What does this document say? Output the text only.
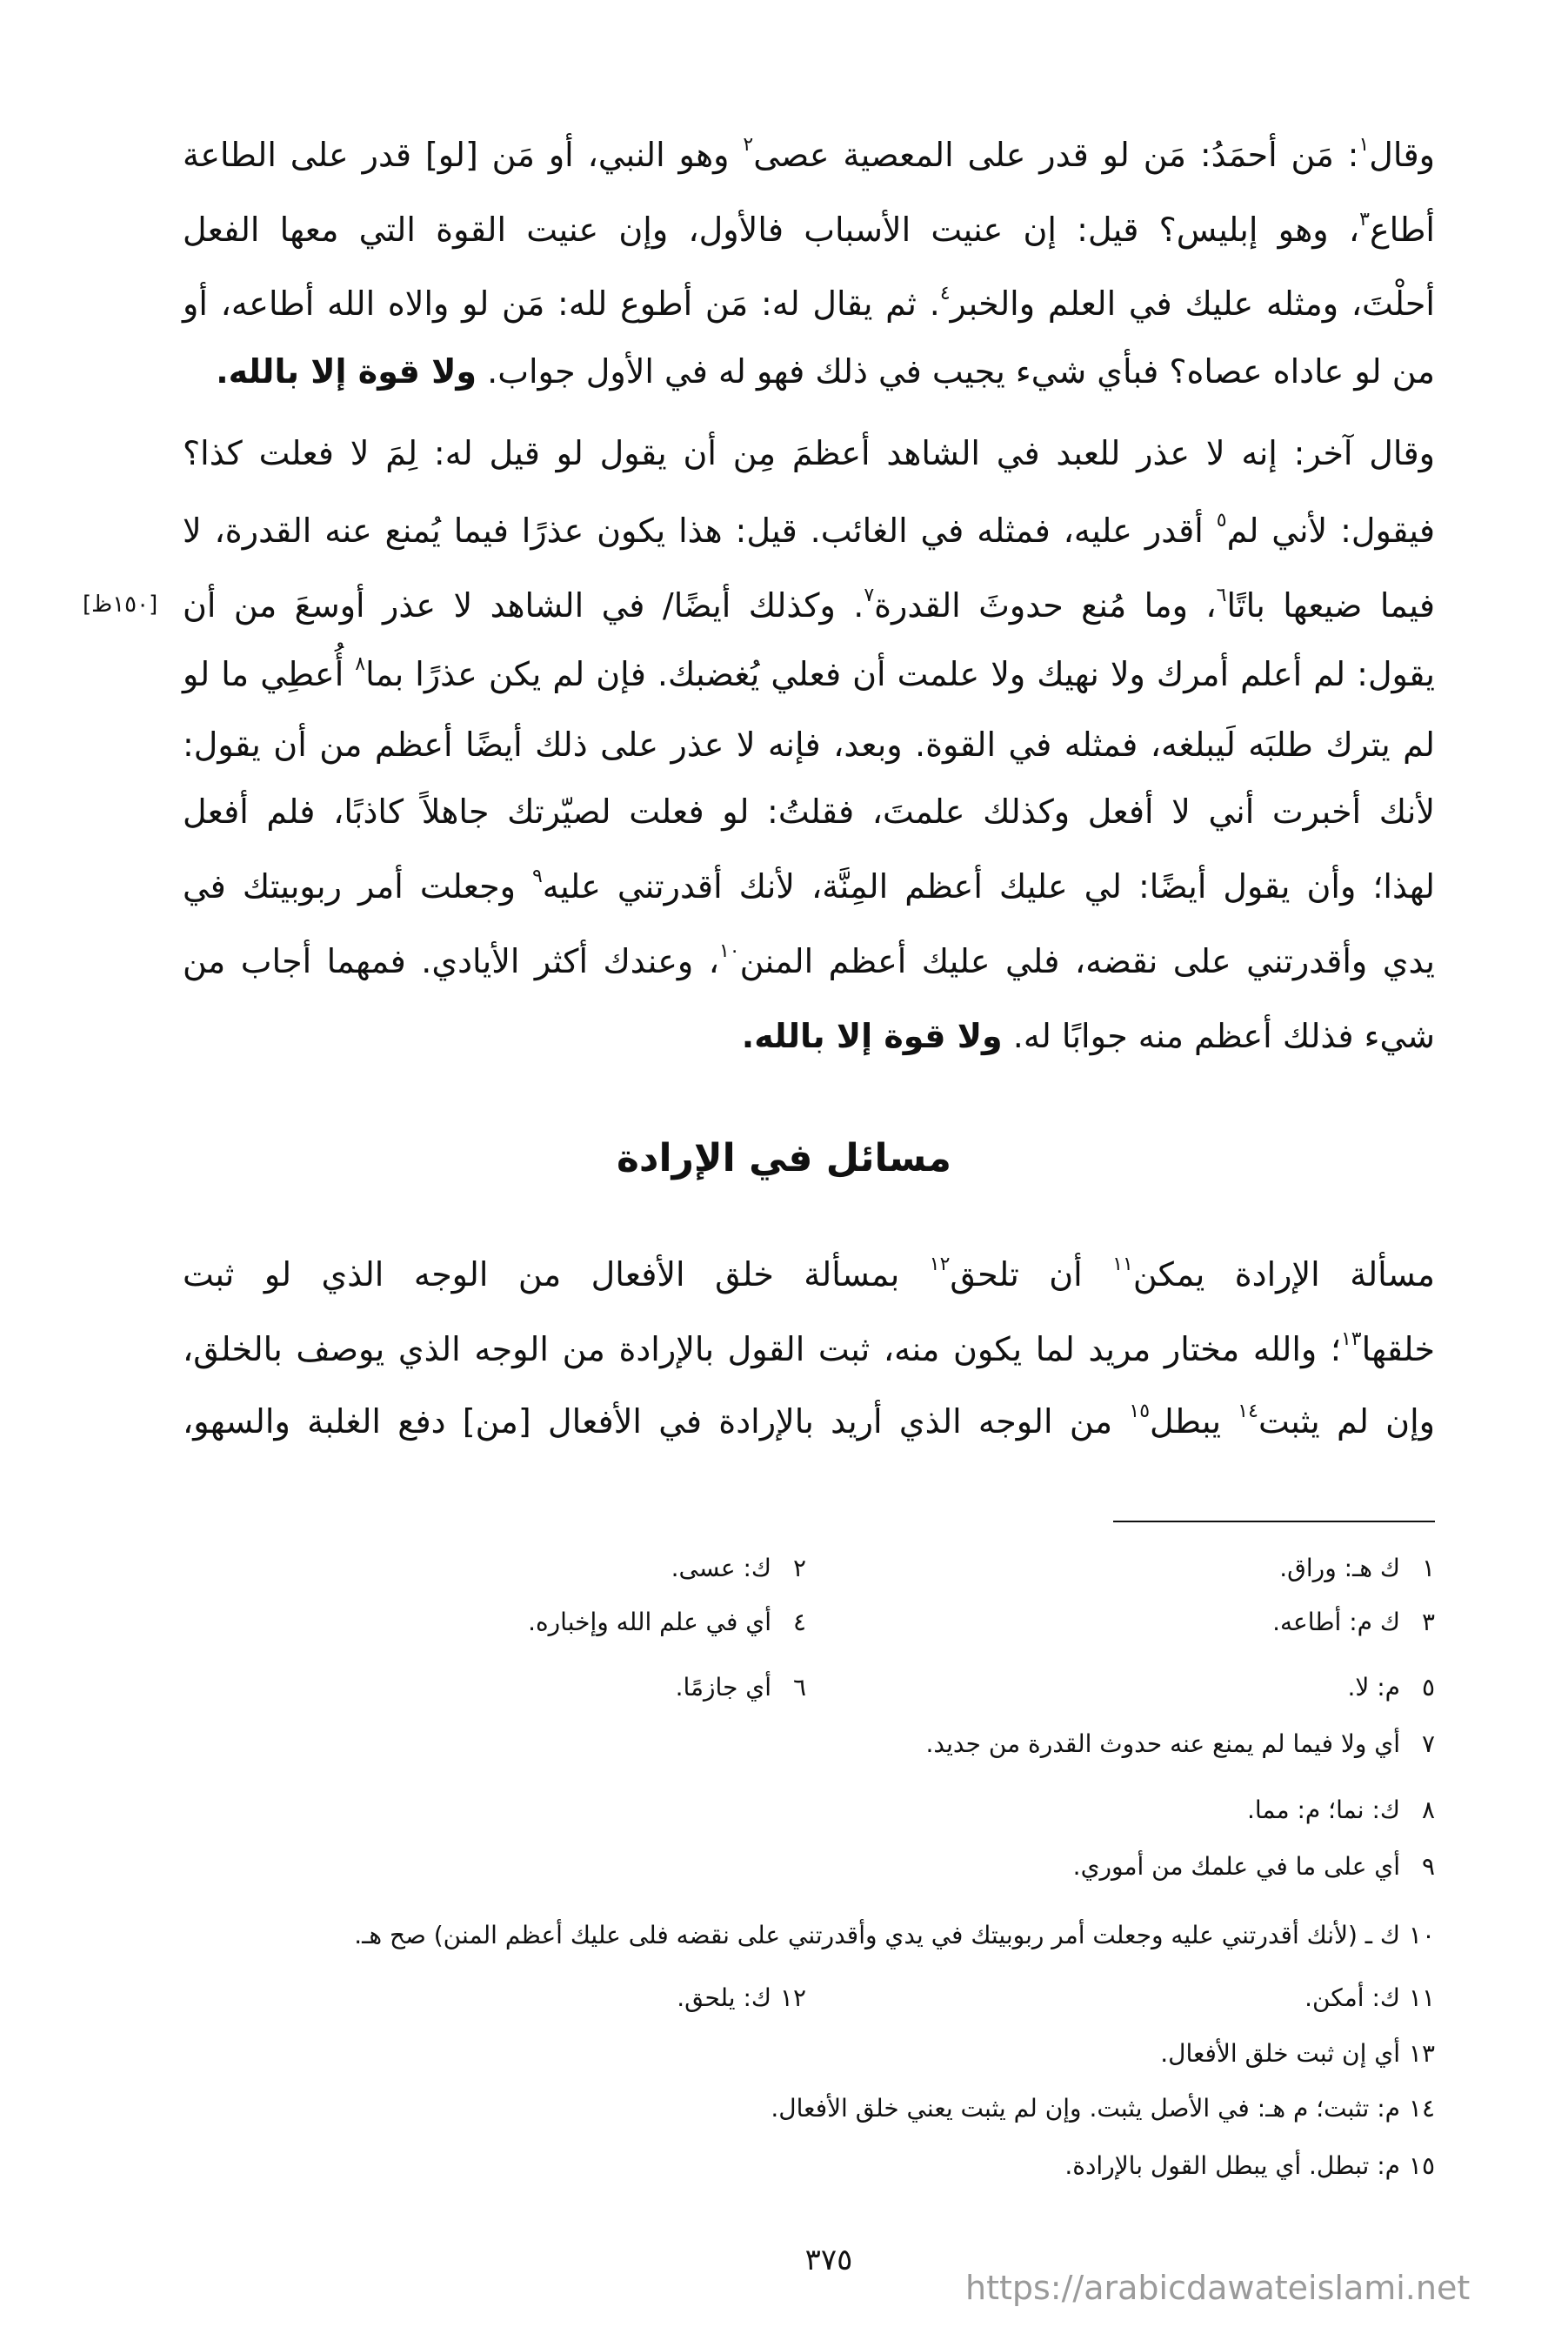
وقال$^١$: مَن أحمَدُ: مَن لو قدر على المعصية عصى$^٢$ وهو النبي، أو مَن [لو] قدر على الطاعة
أطاع$^٣$، وهو إبليس؟ قيل: إن عنيت الأسباب فالأول، وإن عنيت القوة التي معها الفعل
أحلْتَ، ومثله عليك في العلم والخبر$^٤$. ثم يقال له: مَن أطوع لله: مَن لو والاه الله أطاعه، أو
من لو عاداه عصاه؟ فبأي شيء يجيب في ذلك فهو له في الأول جواب. ولا قوة إلا بالله.
وقال آخر: إنه لا عذر للعبد في الشاهد أعظمَ مِن أن يقول لو قيل له: لِمَ لا فعلت كذا؟
فيقول: لأني لم$^٥$ أقدر عليه، فمثله في الغائب. قيل: هذا يكون عذرًا فيما يُمنع عنه القدرة، لا
فيما ضيعها باتًا$^٦$، وما مُنع حدوثَ القدرة$^٧$. وكذلك أيضًا/ في الشاهد لا عذر أوسعَ من أن
يقول: لم أعلم أمرك ولا نهيك ولا علمت أن فعلي يُغضبك. فإن لم يكن عذرًا بما$^٨$ أُعطِي ما لو
لم يترك طلبَه لَيبلغه، فمثله في القوة. وبعد، فإنه لا عذر على ذلك أيضًا أعظم من أن يقول:
لأنك أخبرت أني لا أفعل وكذلك علمتَ، فقلتُ: لو فعلت لصيّرتك جاهلاً كاذبًا، فلم أفعل
لهذا؛ وأن يقول أيضًا: لي عليك أعظم المِنَّة، لأنك أقدرتني عليه$^٩$ وجعلت أمر ربوبيتك في
يدي وأقدرتني على نقضه، فلي عليك أعظم المنن$^{١٠}$، وعندك أكثر الأيادي. فمهما أجاب من
شيء فذلك أعظم منه جوابًا له. ولا قوة إلا بالله.
مسألة الإرادة يمكن$^{١١}$ أن تلحق$^{١٢}$ بمسألة خلق الأفعال من الوجه الذي لو ثبت
خلقها$^{١٣}$؛ والله مختار مريد لما يكون منه، ثبت القول بالإرادة من الوجه الذي يوصف بالخلق،
وإن لم يثبت$^{١٤}$ يبطل$^{١٥}$ من الوجه الذي أريد بالإرادة في الأفعال [من] دفع الغلبة والسهو،
مسائل في الإرادة
[١٥٠ظ]
١ك هـ: وراق.
٢ك: عسى.
٣ك م: أطاعه.
٤أي في علم الله وإخباره.
٥م: لا.
٦أي جازمًا.
٧أي ولا فيما لم يمنع عنه حدوث القدرة من جديد.
٨ك: نما؛ م: مما.
٩أي على ما في علمك من أموري.
١٠ك ـ (لأنك أقدرتني عليه وجعلت أمر ربوبيتك في يدي وأقدرتني على نقضه فلى عليك أعظم المنن) صح هـ.
١١ك: أمكن.
١٢ك: يلحق.
١٣أي إن ثبت خلق الأفعال.
١٤م: تثبت؛ م هـ: في الأصل يثبت. وإن لم يثبت يعني خلق الأفعال.
١٥م: تبطل. أي يبطل القول بالإرادة.
٣٧٥
https://arabicdawateislami.net
